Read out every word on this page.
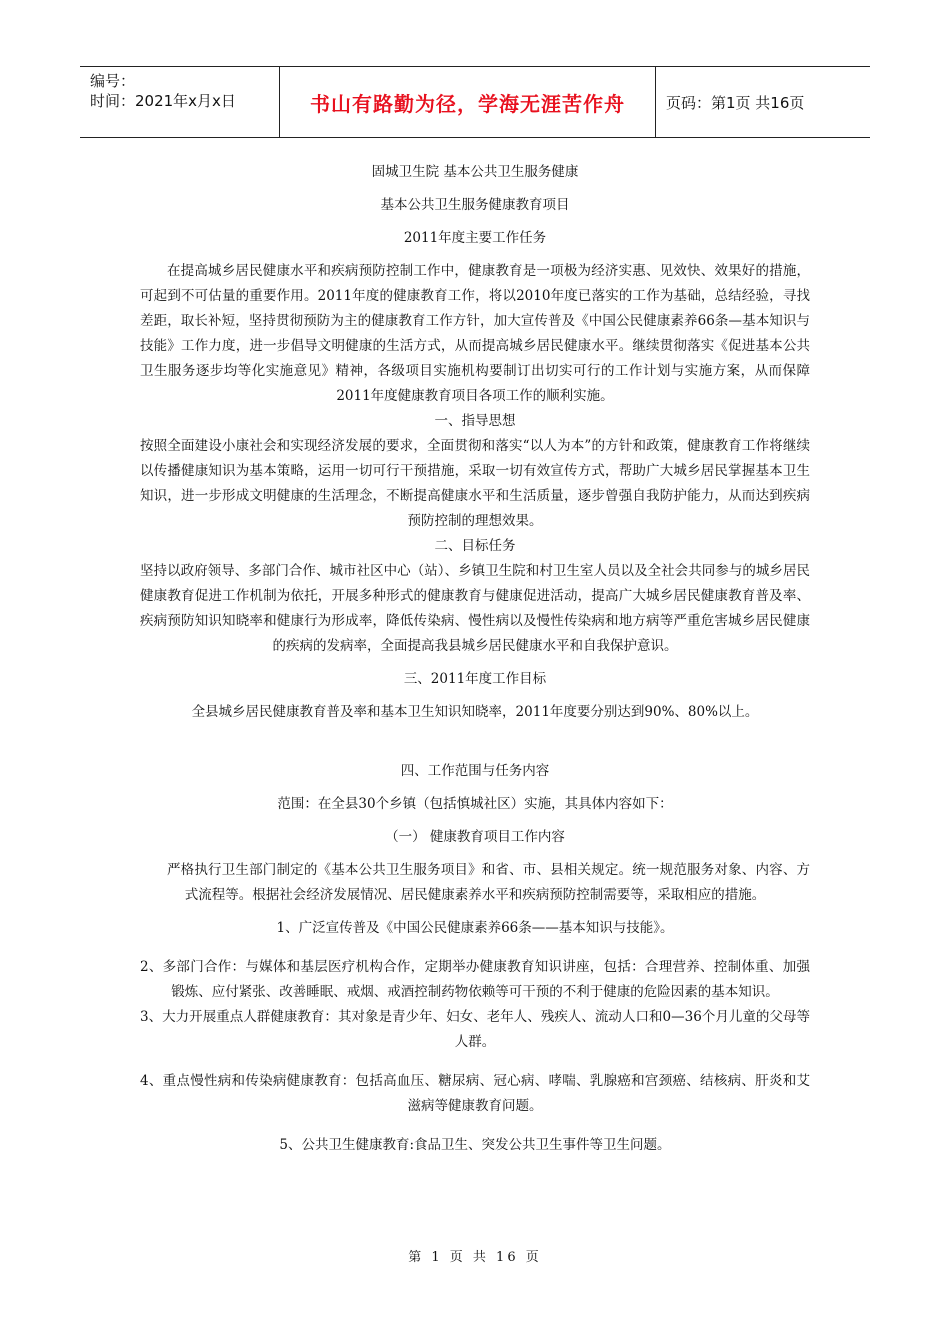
编号：
时间：2021年x月x日	书山有路勤为径，学海无涯苦作舟	页码：第1页 共16页

固城卫生院 基本公共卫生服务健康

基本公共卫生服务健康教育项目

2011年度主要工作任务

在提高城乡居民健康水平和疾病预防控制工作中，健康教育是一项极为经济实惠、见效快、效果好的措施，可起到不可估量的重要作用。2011年度的健康教育工作，将以2010年度已落实的工作为基础，总结经验，寻找差距，取长补短，坚持贯彻预防为主的健康教育工作方针，加大宣传普及《中国公民健康素养66条—基本知识与技能》工作力度，进一步倡导文明健康的生活方式，从而提高城乡居民健康水平。继续贯彻落实《促进基本公共卫生服务逐步均等化实施意见》精神，各级项目实施机构要制订出切实可行的工作计划与实施方案，从而保障2011年度健康教育项目各项工作的顺利实施。

一、指导思想

按照全面建设小康社会和实现经济发展的要求，全面贯彻和落实“以人为本”的方针和政策，健康教育工作将继续以传播健康知识为基本策略，运用一切可行干预措施，采取一切有效宣传方式，帮助广大城乡居民掌握基本卫生知识，进一步形成文明健康的生活理念，不断提高健康水平和生活质量，逐步曾强自我防护能力，从而达到疾病预防控制的理想效果。

二、目标任务

坚持以政府领导、多部门合作、城市社区中心（站）、乡镇卫生院和村卫生室人员以及全社会共同参与的城乡居民健康教育促进工作机制为依托，开展多种形式的健康教育与健康促进活动，提高广大城乡居民健康教育普及率、疾病预防知识知晓率和健康行为形成率，降低传染病、慢性病以及慢性传染病和地方病等严重危害城乡居民健康的疾病的发病率，全面提高我县城乡居民健康水平和自我保护意识。

三、2011年度工作目标

全县城乡居民健康教育普及率和基本卫生知识知晓率，2011年度要分别达到90%、80%以上。

四、工作范围与任务内容

范围：在全县30个乡镇（包括慎城社区）实施，其具体内容如下：

（一） 健康教育项目工作内容

严格执行卫生部门制定的《基本公共卫生服务项目》和省、市、县相关规定。统一规范服务对象、内容、方式流程等。根据社会经济发展情况、居民健康素养水平和疾病预防控制需要等，采取相应的措施。

1、广泛宣传普及《中国公民健康素养66条——基本知识与技能》。

2、多部门合作：与媒体和基层医疗机构合作，定期举办健康教育知识讲座，包括：合理营养、控制体重、加强锻炼、应付紧张、改善睡眠、戒烟、戒酒控制药物依赖等可干预的不利于健康的危险因素的基本知识。

3、大力开展重点人群健康教育：其对象是青少年、妇女、老年人、残疾人、流动人口和0—36个月儿童的父母等人群。

4、重点慢性病和传染病健康教育：包括高血压、糖尿病、冠心病、哮喘、乳腺癌和宫颈癌、结核病、肝炎和艾滋病等健康教育问题。

5、公共卫生健康教育:食品卫生、突发公共卫生事件等卫生问题。

第 1 页 共 16 页
